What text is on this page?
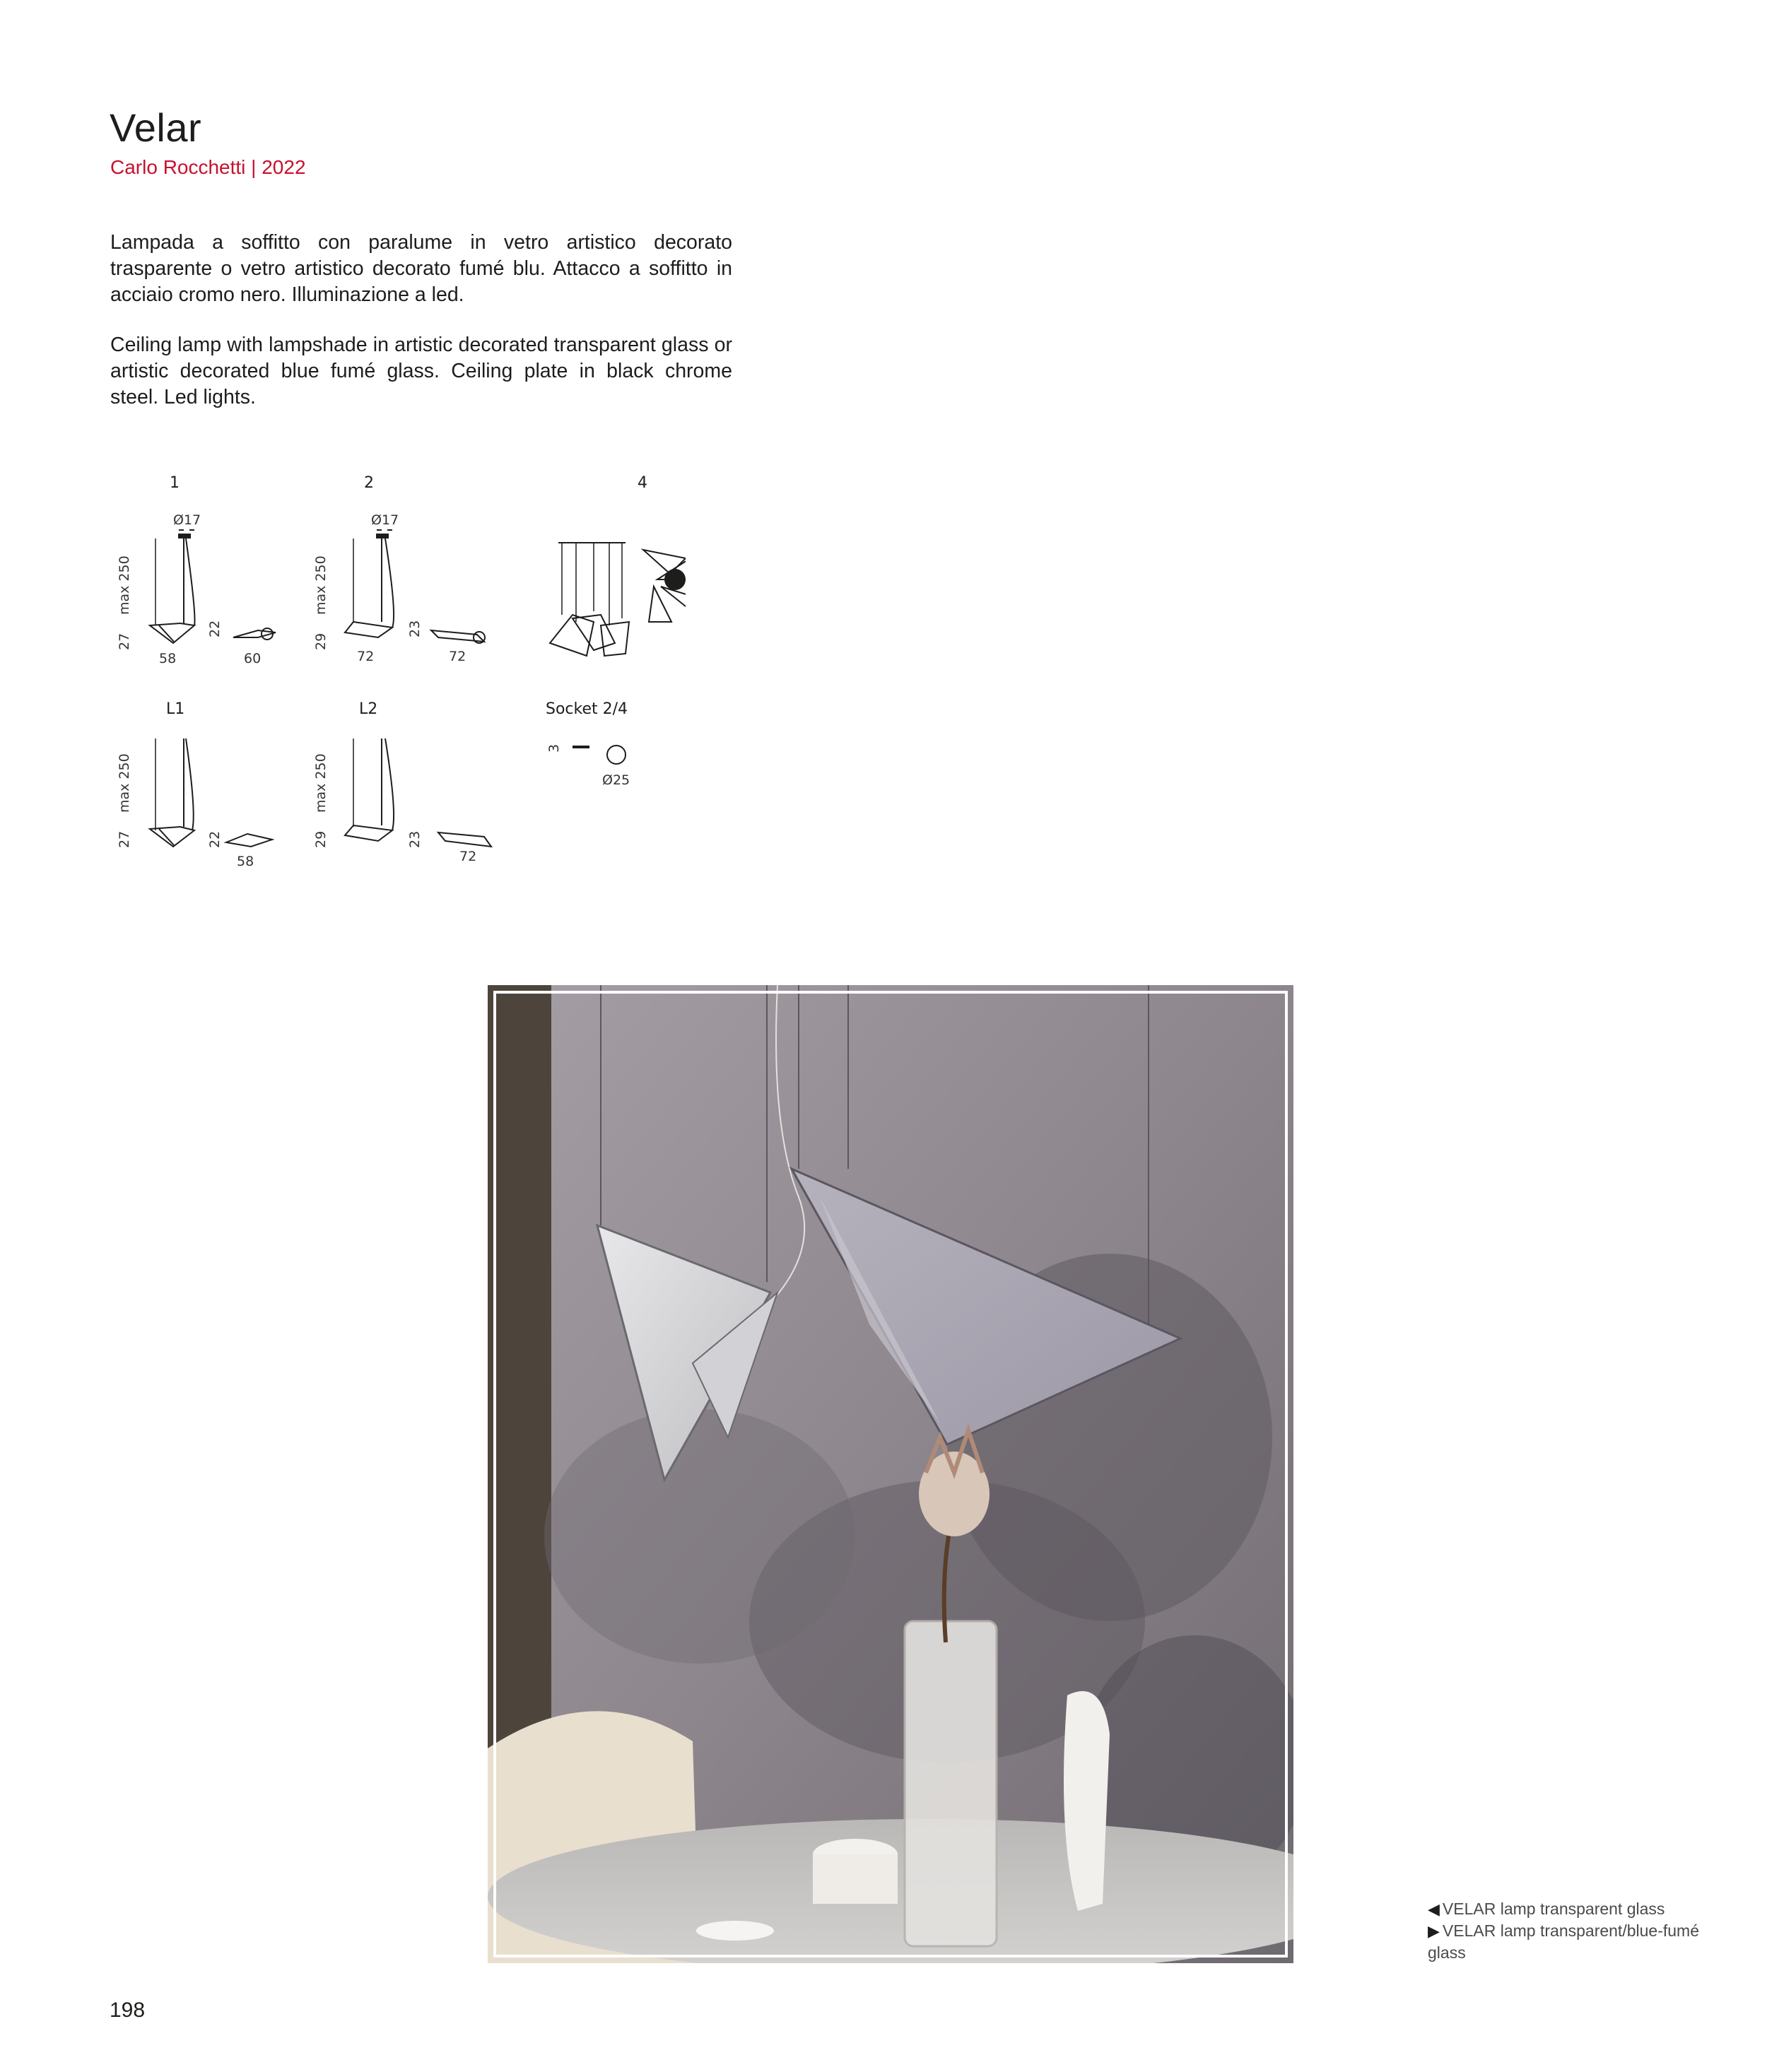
Velar
Carlo Rocchetti | 2022

Lampada a soffitto con paralume in vetro artistico decorato trasparente o vetro artistico decorato fumé blu. Attacco a soffitto in acciaio cromo nero. Illuminazione a led.

Ceiling lamp with lampshade in artistic decorated transparent glass or artistic decorated blue fumé glass. Ceiling plate in black chrome steel. Led lights.

1
Ø17
max 250
27
58
22
60
2
Ø17
max 250
29
72
23
72
4
L1
max 250
27	22
58
L2
max 250
29	23
72
Socket 2/4
3
Ø25
◀ VELAR lamp transparent glass
▶ VELAR lamp transparent/blue-fumé glass
198
